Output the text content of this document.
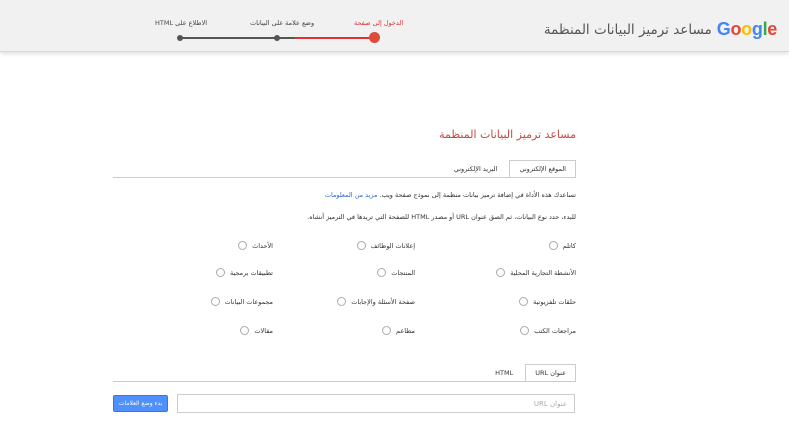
Google
مساعد ترميز البيانات المنظمة
الدخول إلى صفحة
وضع علامة على البيانات
الاطلاع على HTML
مساعد ترميز البيانات المنظمة
الموقع الإلكتروني
البريد الإلكتروني
تساعدك هذه الأداة في إضافة ترميز بيانات منظمة إلى نموذج صفحة ويب. مزيد من المعلومات
للبدء، حدد نوع البيانات، ثم الصق عنوان URL أو مصدر HTML للصفحة التي تريدها في الترميز أنشاه.
كاتلم
إعلانات الوظائف
الأحداث
الأنشطة التجارية المحلية
المنتجات
تطبيقات برمجية
حلقات تلفزيونية
صفحة الأسئلة والإجابات
مجموعات البيانات
مراجعات الكتب
مطاعم
مقالات
عنوان URL
HTML
عنوان URL
بدء وضع العلامات
